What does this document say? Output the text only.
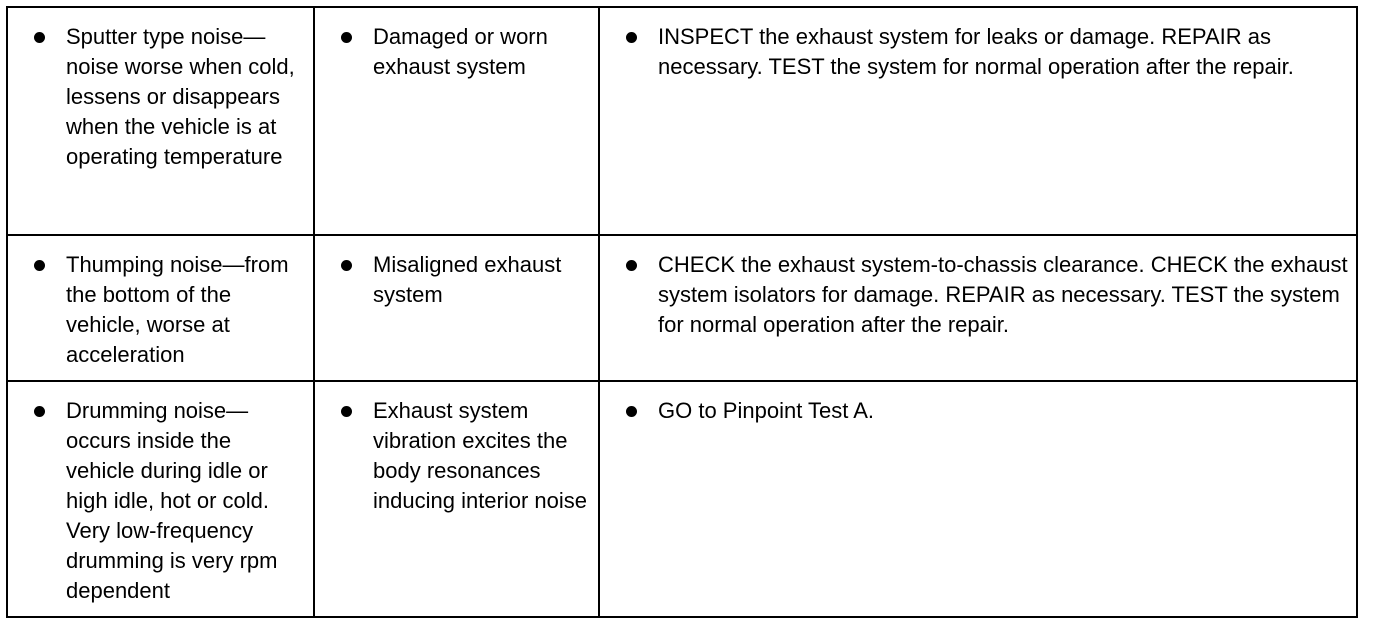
Sputter type noise—noise worse when cold, lessens or disappears when the vehicle is at operating temperature	Damaged or worn exhaust system	INSPECT the exhaust system for leaks or damage. REPAIR as necessary. TEST the system for normal operation after the repair.

Thumping noise—from the bottom of the vehicle, worse at acceleration	Misaligned exhaust system	CHECK the exhaust system-to-chassis clearance. CHECK the exhaust system isolators for damage. REPAIR as necessary. TEST the system for normal operation after the repair.

Drumming noise—occurs inside the vehicle during idle or high idle, hot or cold. Very low-frequency drumming is very rpm dependent	Exhaust system vibration excites the body resonances inducing interior noise	GO to Pinpoint Test A.
